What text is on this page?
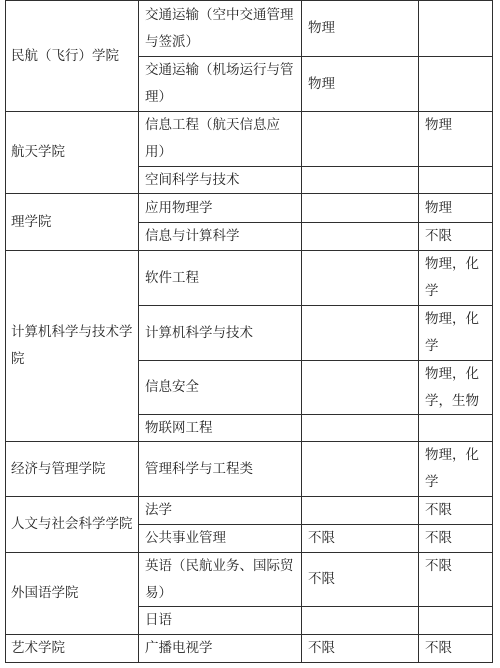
民航（飞行）学院
航天学院
理学院
计算机科学与技术学院
经济与管理学院
人文与社会科学学院
外国语学院
艺术学院
交通运输（空中交通管理与签派）
交通运输（机场运行与管理）
信息工程（航天信息应用）
空间科学与技术
应用物理学
信息与计算科学
软件工程
计算机科学与技术
信息安全
物联网工程
管理科学与工程类
法学
公共事业管理
英语（民航业务、国际贸易）
日语
广播电视学
物理
物理
不限
不限
不限
物理
物理
不限
物理，化学
物理，化学
物理，化学，生物
物理，化学
不限
不限
不限
不限
